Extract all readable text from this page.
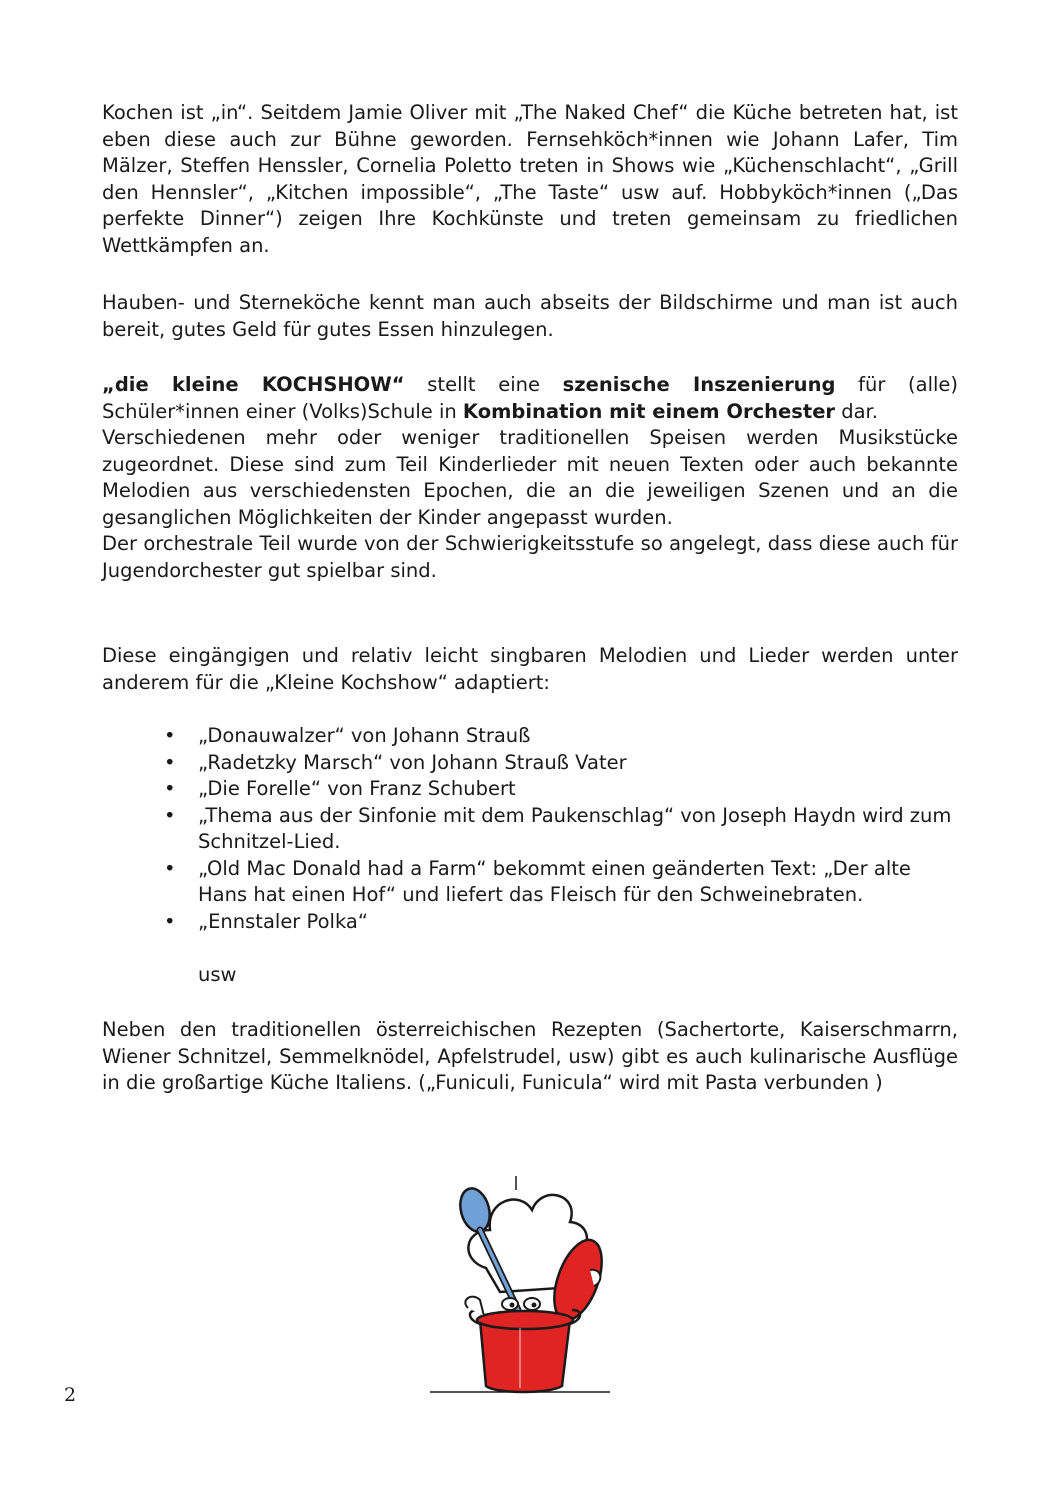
Kochen ist „in“. Seitdem Jamie Oliver mit „The Naked Chef“ die Küche betreten hat, ist eben diese auch zur Bühne geworden. Fernsehköch*innen wie Johann Lafer, Tim Mälzer, Steffen Henssler, Cornelia Poletto treten in Shows wie „Küchenschlacht“, „Grill den Hennsler“, „Kitchen impossible“, „The Taste“ usw auf. Hobbyköch*innen („Das perfekte Dinner“) zeigen Ihre Kochkünste und treten gemeinsam zu friedlichen Wettkämpfen an.

Hauben- und Sterneköche kennt man auch abseits der Bildschirme und man ist auch bereit, gutes Geld für gutes Essen hinzulegen.

„die kleine KOCHSHOW“ stellt eine szenische Inszenierung für (alle) Schüler*innen einer (Volks)Schule in Kombination mit einem Orchester dar.

Verschiedenen mehr oder weniger traditionellen Speisen werden Musikstücke zugeordnet. Diese sind zum Teil Kinderlieder mit neuen Texten oder auch bekannte Melodien aus verschiedensten Epochen, die an die jeweiligen Szenen und an die gesanglichen Möglichkeiten der Kinder angepasst wurden.

Der orchestrale Teil wurde von der Schwierigkeitsstufe so angelegt, dass diese auch für Jugendorchester gut spielbar sind.

Diese eingängigen und relativ leicht singbaren Melodien und Lieder werden unter anderem für die „Kleine Kochshow“ adaptiert:

• „Donauwalzer“ von Johann Strauß
• „Radetzky Marsch“ von Johann Strauß Vater
• „Die Forelle“ von Franz Schubert
• „Thema aus der Sinfonie mit dem Paukenschlag“ von Joseph Haydn wird zum Schnitzel-Lied.
• „Old Mac Donald had a Farm“ bekommt einen geänderten Text: „Der alte Hans hat einen Hof“ und liefert das Fleisch für den Schweinebraten.
• „Ennstaler Polka“
usw

Neben den traditionellen österreichischen Rezepten (Sachertorte, Kaiserschmarrn, Wiener Schnitzel, Semmelknödel, Apfelstrudel, usw) gibt es auch kulinarische Ausflüge in die großartige Küche Italiens. („Funiculi, Funicula“ wird mit Pasta verbunden )

2
